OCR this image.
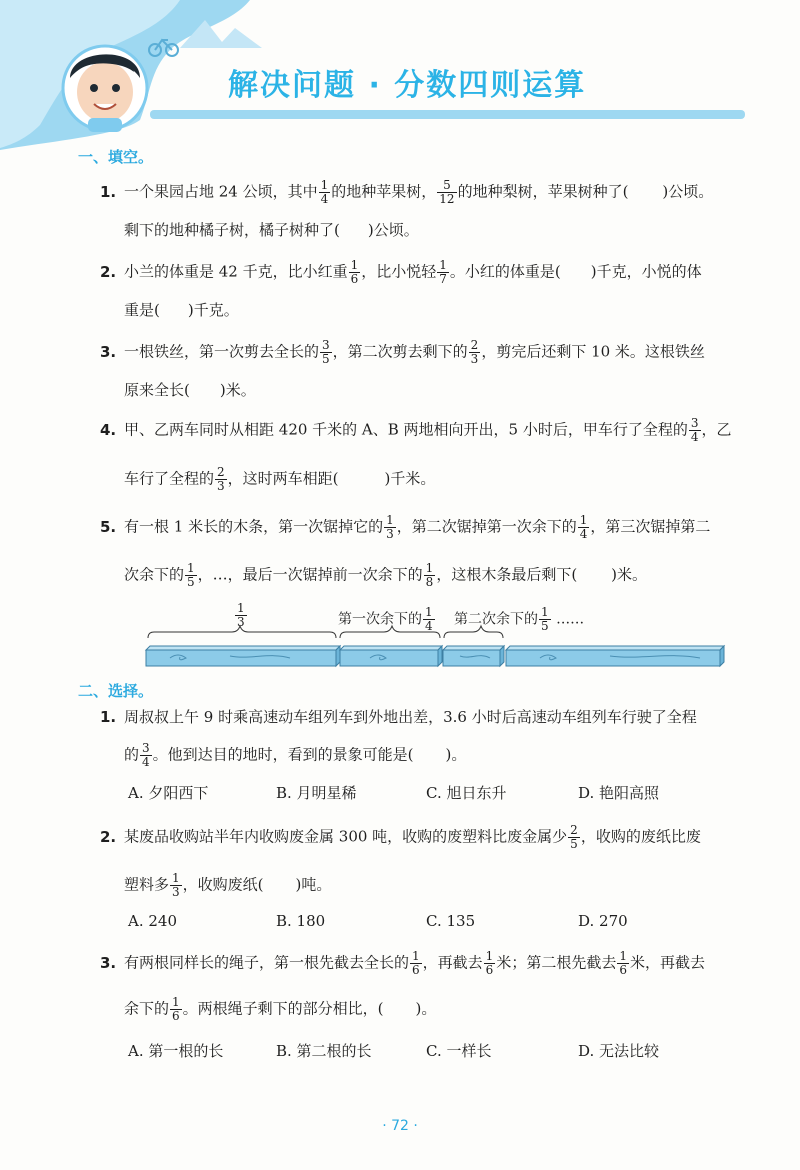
解决问题 · 分数四则运算
一、填空。
1. 一个果园占地 24 公顷，其中 $\frac{1}{4}$ 的地种苹果树， $\frac{5}{12}$ 的地种梨树，苹果树种了( )公顷。
剩下的地种橘子树，橘子树种了( )公顷。
2. 小兰的体重是 42 千克，比小红重 $\frac{1}{6}$ ，比小悦轻 $\frac{1}{7}$ 。小红的体重是( )千克，小悦的体
重是( )千克。
3. 一根铁丝，第一次剪去全长的 $\frac{3}{5}$ ，第二次剪去剩下的 $\frac{2}{3}$ ，剪完后还剩下 10 米。这根铁丝
原来全长( )米。
4. 甲、乙两车同时从相距 420 千米的 A、B 两地相向开出，5 小时后，甲车行了全程的 $\frac{3}{4}$ ，乙
车行了全程的 $\frac{2}{3}$ ，这时两车相距(	)千米。
5. 有一根 1 米长的木条，第一次锯掉它的 $\frac{1}{3}$ ，第二次锯掉第一次余下的 $\frac{1}{4}$ ，第三次锯掉第二
次余下的 $\frac{1}{5}$ ，…，最后一次锯掉前一次余下的 $\frac{1}{8}$ ，这根木条最后剩下( )米。
$\frac{1}{3}$	第一次余下的 $\frac{1}{4}$ 第二次余下的 $\frac{1}{5}$ ……
二、选择。
1. 周叔叔上午 9 时乘高速动车组列车到外地出差，3.6 小时后高速动车组列车行驶了全程
的 $\frac{3}{4}$ 。他到达目的地时，看到的景象可能是( )。
A. 夕阳西下	B. 月明星稀	C. 旭日东升	D. 艳阳高照
2. 某废品收购站半年内收购废金属 300 吨，收购的废塑料比废金属少 $\frac{2}{5}$ ，收购的废纸比废
塑料多 $\frac{1}{3}$ ，收购废纸( )吨。
A. 240	B. 180	C. 135	D. 270
3. 有两根同样长的绳子，第一根先截去全长的 $\frac{1}{6}$ ，再截去 $\frac{1}{6}$ 米；第二根先截去 $\frac{1}{6}$ 米，再截去
余下的 $\frac{1}{6}$ 。两根绳子剩下的部分相比，( )。
A. 第一根的长	B. 第二根的长	C. 一样长	D. 无法比较
· 72 ·
